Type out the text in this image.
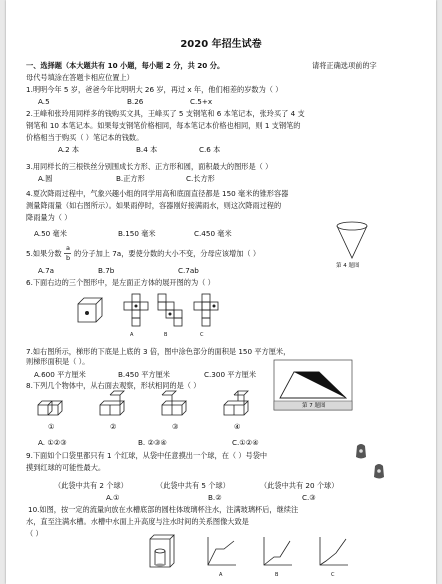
2020 年招生试卷
一、选择题（本大题共有 10 小题，每小题 2 分，共 20 分。	请将正确选项前的字
母代号填涂在答题卡相应位置上）
1.明明今年 5 岁，爸爸今年比明明大 26 岁，再过 x 年，他们相差的岁数为（ ）
A.5	B.26	C.5+x
2.王峰和张玲用同样多的钱购买文具，王峰买了 5 支钢笔和 6 本笔记本，张玲买了 4 支
钢笔和 10 本笔记本。如果每支钢笔价格相同，每本笔记本价格也相同，则 1 支钢笔的
价格相当于购买（ ）笔记本的钱数。
A.2 本	B.4 本	C.6 本
3.用同样长的三根铁丝分别围成长方形、正方形和圆，面积最大的图形是（ ）
A.圆	B.正方形	C.长方形
4.夏次降雨过程中，气象兴趣小组的同学用高和底面直径都是 150 毫米的锥形容器
测量降雨量（如右图所示）。如果雨停时，容器刚好接满雨水，则这次降雨过程的
降雨量为（ ）
A.50 毫米	B.150 毫米	C.450 毫米
第 4 题图
5.如果分数
a
b 的分子加上 7a，要使分数的大小不变，分母应该增加（ ）
A.7a	B.7b	C.7ab
6.下面右边的三个图形中，是左面正方体的展开图的为（ ）
A	B	C
7.如右图所示，梯形的下底是上底的 3 倍，图中涂色部分的面积是 150 平方厘米，
则梯形面积是（ ）。
A.600 平方厘米	B.450 平方厘米	C.300 平方厘米
第 7 题图
8.下列几个物体中，从右面去观察，形状相同的是（ ）
①	②	③	④
A. ①②③	B. ②③④	C.①②④
9.下面如个口袋里都只有 1 个红球，从袋中任意摸出一个球，在（ ）号袋中
摸到红球的可能性最大。
（此袋中共有 2 个球）	（此袋中共有 5 个球）	（此袋中共有 20 个球）
A.①	B.②	C.③
10.如图，按一定的流量向放在水槽底部的圆柱体玻璃杯注水，注满玻璃杯后，继续注
水，直至注满水槽。水槽中水面上升高度与注水时间的关系图像大致是
（ ）
A	B	C
